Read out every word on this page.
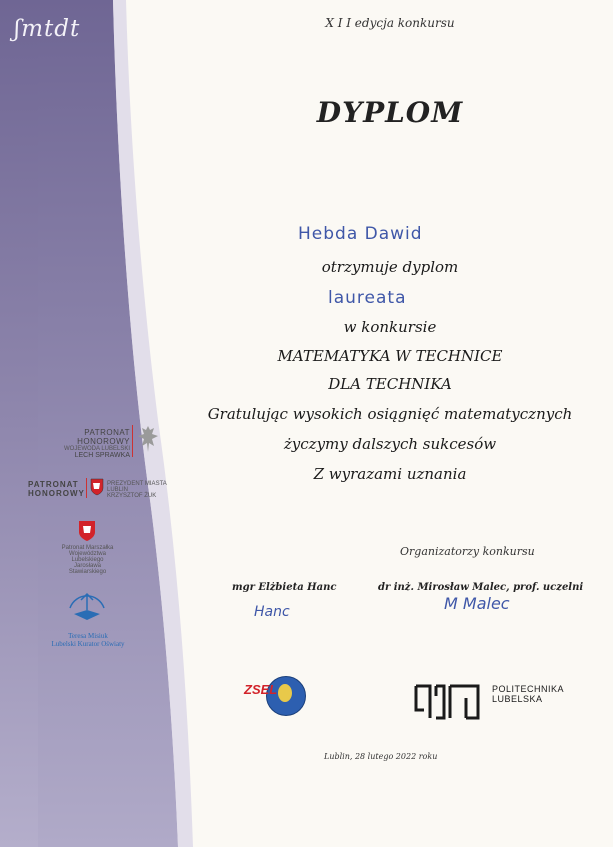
ʃmtdt	X I I edycja konkursu
DYPLOM
Hebda Dawid
otrzymuje dyplom
laureata
w konkursie
MATEMATYKA W TECHNICE
DLA TECHNIKA
Gratulując wysokich osiągnięć matematycznych
życzymy dalszych sukcesów
Z wyrazami uznania
PATRONAT HONOROWY
WOJEWODA LUBELSKI
LECH SPRAWKA
PATRONAT
HONOROWY
PREZYDENT MIASTA LUBLIN
KRZYSZTOF ŻUK
Patronat Marszałka
Województwa Lubelskiego
Jarosława Stawiarskiego
Teresa Misiuk
Lubelski Kurator Oświaty
Organizatorzy konkursu
mgr Elżbieta Hanc
Hanc
dr inż. Mirosław Malec, prof. uczelni
M Malec
ZSEL	POLITECHNIKA
LUBELSKA
Lublin, 28 lutego 2022 roku
